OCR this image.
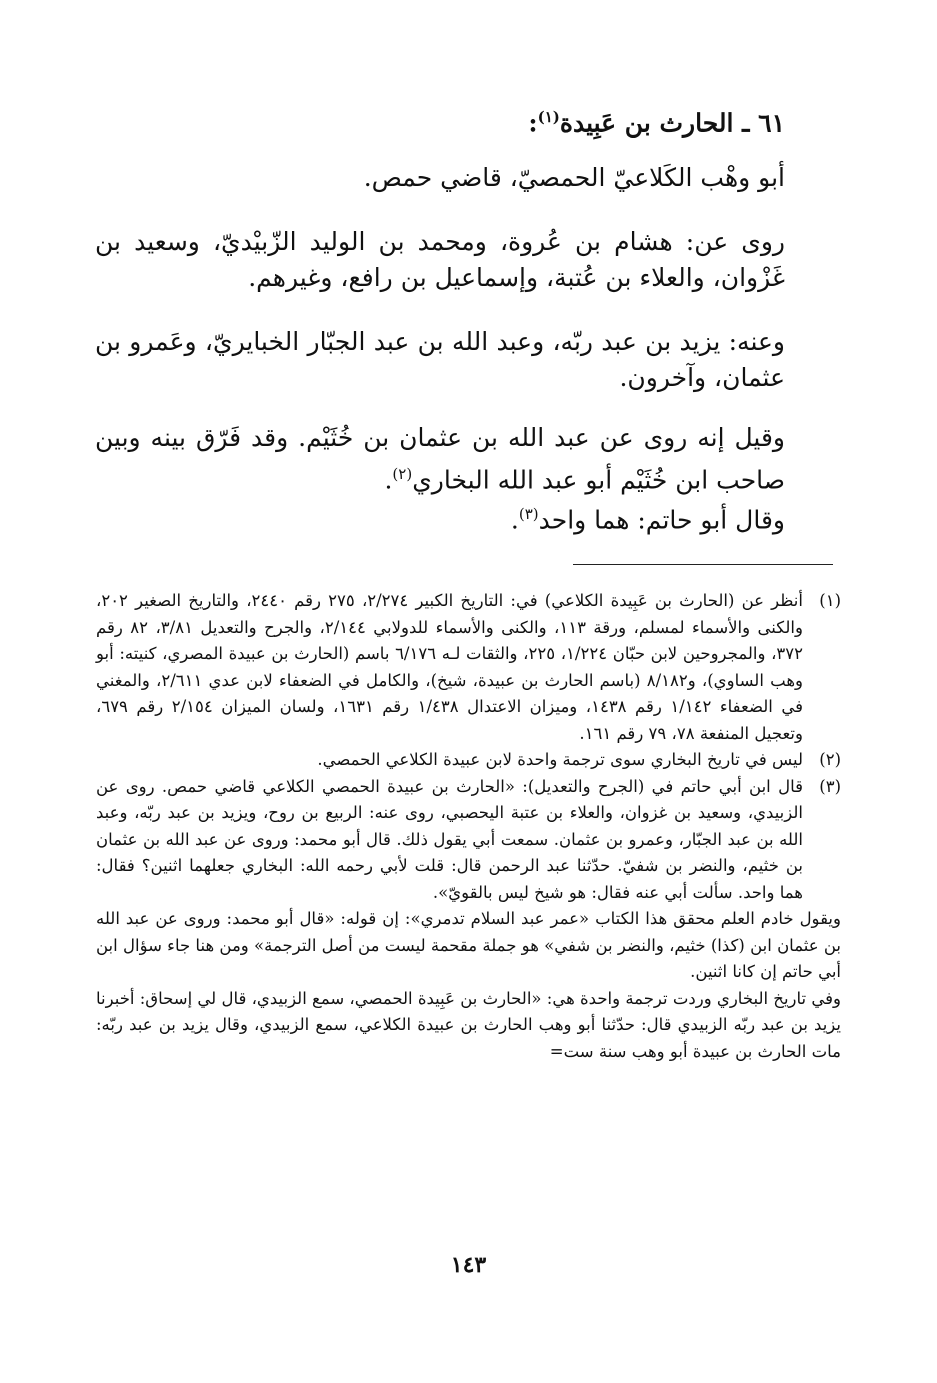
٦١ ـ الحارث بن عَبِيدة$^{(١)}$:
أبو وهْب الكَلاعيّ الحمصيّ، قاضي حمص.
روى عن: هشام بن عُروة، ومحمد بن الوليد الزّبيْديّ، وسعيد بن غَزْوان، والعلاء بن عُتبة، وإسماعيل بن رافع، وغيرهم.
وعنه: يزيد بن عبد ربّه، وعبد الله بن عبد الجبّار الخبايريّ، وعَمرو بن عثمان، وآخرون.
وقيل إنه روى عن عبد الله بن عثمان بن خُثَيْم. وقد فَرّق بينه وبين صاحب ابن خُثَيْم أبو عبد الله البخاري$^{(٢)}$.
وقال أبو حاتم: هما واحد$^{(٣)}$.
(١)
أنظر عن (الحارث بن عَبِيدة الكلاعي) في: التاريخ الكبير ٢/٢٧٤، ٢٧٥ رقم ٢٤٤٠، والتاريخ الصغير ٢٠٢، والكنى والأسماء لمسلم، ورقة ١١٣، والكنى والأسماء للدولابي ٢/١٤٤، والجرح والتعديل ٣/٨١، ٨٢ رقم ٣٧٢، والمجروحين لابن حبّان ١/٢٢٤، ٢٢٥، والثقات لـه ٦/١٧٦ باسم (الحارث بن عبيدة المصري، كنيته: أبو وهب الساوي)، و٨/١٨٢ (باسم الحارث بن عبيدة، شيخ)، والكامل في الضعفاء لابن عدي ٢/٦١١، والمغني في الضعفاء ١/١٤٢ رقم ١٤٣٨، وميزان الاعتدال ١/٤٣٨ رقم ١٦٣١، ولسان الميزان ٢/١٥٤ رقم ٦٧٩، وتعجيل المنفعة ٧٨، ٧٩ رقم ١٦١.
(٢)
ليس في تاريخ البخاري سوى ترجمة واحدة لابن عبيدة الكلاعي الحمصي.
(٣)
قال ابن أبي حاتم في (الجرح والتعديل): «الحارث بن عبيدة الحمصي الكلاعي قاضي حمص. روى عن الزبيدي، وسعيد بن غزوان، والعلاء بن عتبة اليحصبي، روى عنه: الربيع بن روح، ويزيد بن عبد ربّه، وعبد الله بن عبد الجبّار، وعمرو بن عثمان. سمعت أبي يقول ذلك. قال أبو محمد: وروى عن عبد الله بن عثمان بن خثيم، والنضر بن شفيّ. حدّثنا عبد الرحمن قال: قلت لأبي رحمه الله: البخاري جعلهما اثنين؟ فقال: هما واحد. سألت أبي عنه فقال: هو شيخ ليس بالقويّ».
ويقول خادم العلم محقق هذا الكتاب «عمر عبد السلام تدمري»: إن قوله: «قال أبو محمد: وروى عن عبد الله بن عثمان ابن (كذا) خثيم، والنضر بن شفي» هو جملة مقحمة ليست من أصل الترجمة» ومن هنا جاء سؤال ابن أبي حاتم إن كانا اثنين.
وفي تاريخ البخاري وردت ترجمة واحدة هي: «الحارث بن عَبِيدة الحمصي، سمع الزبيدي، قال لي إسحاق: أخبرنا يزيد بن عبد ربّه الزبيدي قال: حدّثنا أبو وهب الحارث بن عبيدة الكلاعي، سمع الزبيدي، وقال يزيد بن عبد ربّه: مات الحارث بن عبيدة أبو وهب سنة ست=
١٤٣
